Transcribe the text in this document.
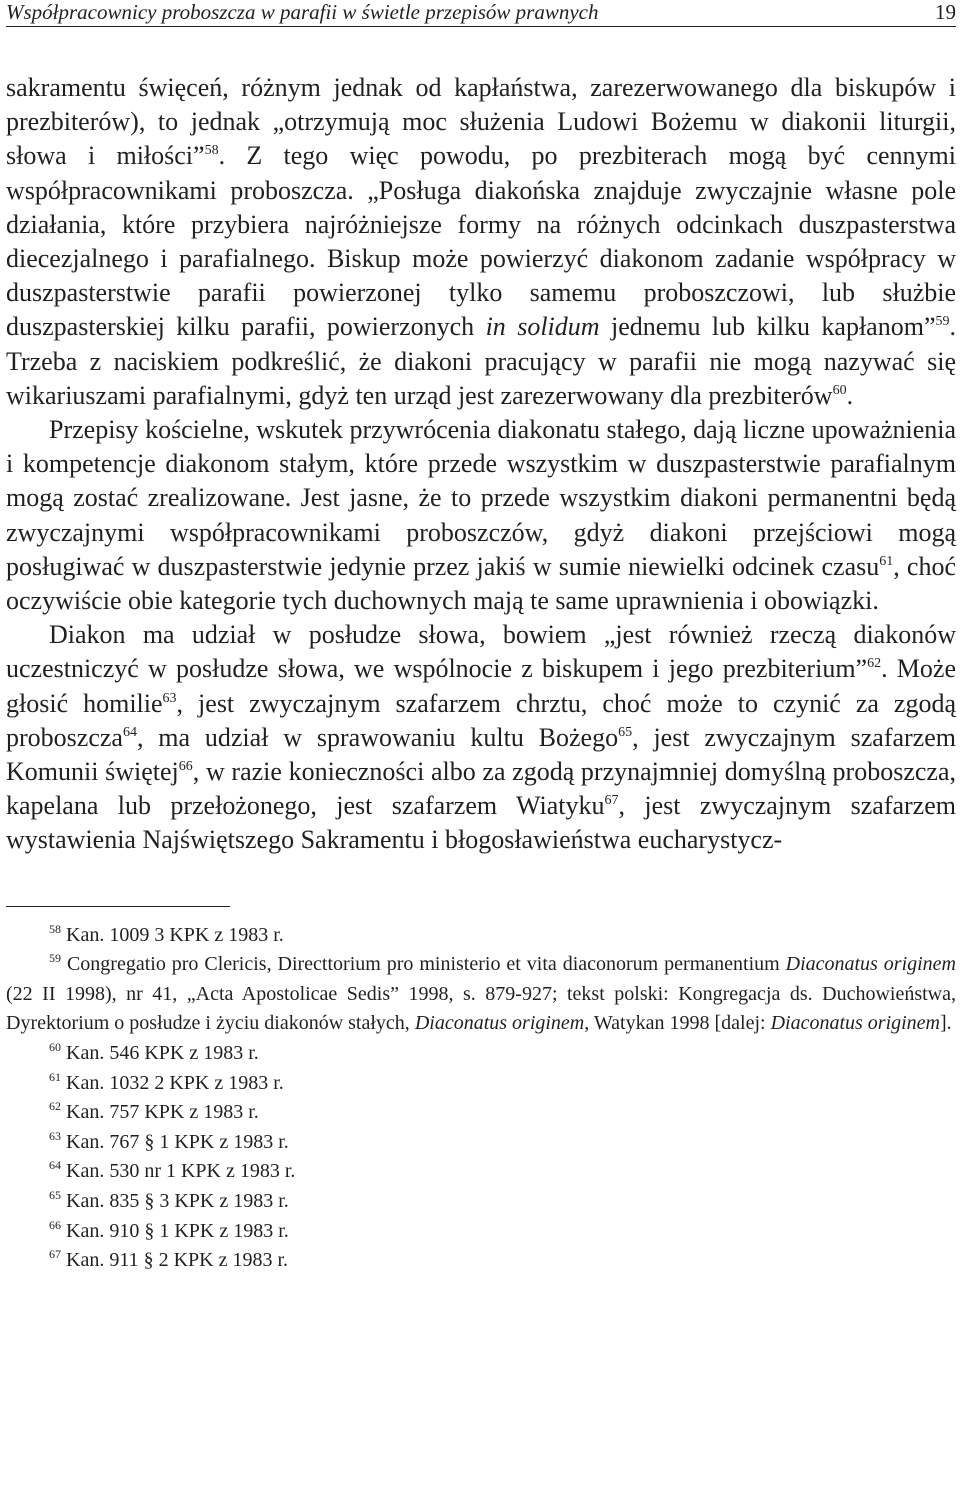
Współpracownicy proboszcza w parafii w świetle przepisów prawnych	19

sakramentu święceń, różnym jednak od kapłaństwa, zarezerwowanego dla biskupów i prezbiterów), to jednak „otrzymują moc służenia Ludowi Bożemu w diakonii liturgii, słowa i miłości”$^{58}$. Z tego więc powodu, po prezbiterach mogą być cennymi współpracownikami proboszcza. „Posługa diakońska znajduje zwyczajnie własne pole działania, które przybiera najróżniejsze formy na różnych odcinkach duszpasterstwa diecezjalnego i parafialnego. Biskup może powierzyć diakonom zadanie współpracy w duszpasterstwie parafii powierzonej tylko samemu proboszczowi, lub służbie duszpasterskiej kilku parafii, powierzonych in solidum jednemu lub kilku kapłanom”$^{59}$. Trzeba z naciskiem podkreślić, że diakoni pracujący w parafii nie mogą nazywać się wikariuszami parafialnymi, gdyż ten urząd jest zarezerwowany dla prezbiterów$^{60}$.

Przepisy kościelne, wskutek przywrócenia diakonatu stałego, dają liczne upoważnienia i kompetencje diakonom stałym, które przede wszystkim w duszpasterstwie parafialnym mogą zostać zrealizowane. Jest jasne, że to przede wszystkim diakoni permanentni będą zwyczajnymi współpracownikami proboszczów, gdyż diakoni przejściowi mogą posługiwać w duszpasterstwie jedynie przez jakiś w sumie niewielki odcinek czasu$^{61}$, choć oczywiście obie kategorie tych duchownych mają te same uprawnienia i obowiązki.

Diakon ma udział w posłudze słowa, bowiem „jest również rzeczą diakonów uczestniczyć w posłudze słowa, we wspólnocie z biskupem i jego prezbiterium”$^{62}$. Może głosić homilie$^{63}$, jest zwyczajnym szafarzem chrztu, choć może to czynić za zgodą proboszcza$^{64}$, ma udział w sprawowaniu kultu Bożego$^{65}$, jest zwyczajnym szafarzem Komunii świętej$^{66}$, w razie konieczności albo za zgodą przynajmniej domyślną proboszcza, kapelana lub przełożonego, jest szafarzem Wiatyku$^{67}$, jest zwyczajnym szafarzem wystawienia Najświętszego Sakramentu i błogosławieństwa eucharystycz-

$^{58}$ Kan. 1009 3 KPK z 1983 r.

$^{59}$ Congregatio pro Clericis, Directtorium pro ministerio et vita diaconorum permanentium Diaconatus originem (22 II 1998), nr 41, „Acta Apostolicae Sedis” 1998, s. 879-927; tekst polski: Kongregacja ds. Duchowieństwa, Dyrektorium o posłudze i życiu diakonów stałych, Diaconatus originem, Watykan 1998 [dalej: Diaconatus originem].

$^{60}$ Kan. 546 KPK z 1983 r.

$^{61}$ Kan. 1032 2 KPK z 1983 r.

$^{62}$ Kan. 757 KPK z 1983 r.

$^{63}$ Kan. 767 § 1 KPK z 1983 r.

$^{64}$ Kan. 530 nr 1 KPK z 1983 r.

$^{65}$ Kan. 835 § 3 KPK z 1983 r.

$^{66}$ Kan. 910 § 1 KPK z 1983 r.

$^{67}$ Kan. 911 § 2 KPK z 1983 r.
